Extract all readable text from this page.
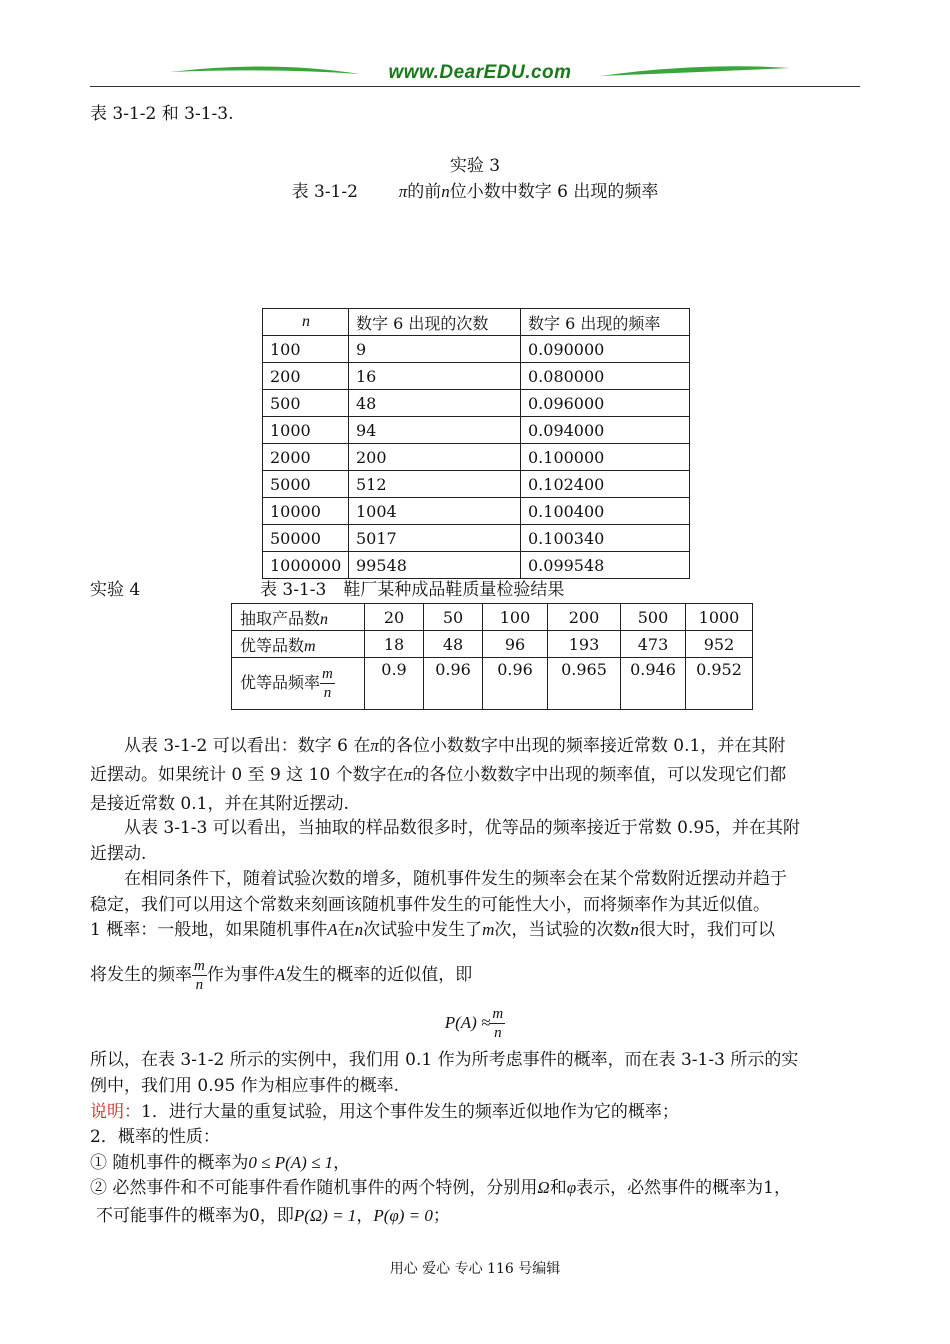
www.DearEDU.com
表 3-1-2 和 3-1-3.
实验 3
表 3-1-2 π的前n位小数中数字 6 出现的频率
n	数字 6 出现的次数	数字 6 出现的频率
100	9	0.090000
200	16	0.080000
500	48	0.096000
1000	94	0.094000
2000	200	0.100000
5000	512	0.102400
10000	1004	0.100400
50000	5017	0.100340
1000000	99548	0.099548
实验 4	表 3-1-3　鞋厂某种成品鞋质量检验结果
抽取产品数n	20	50	100	200	500	1000
优等品数m	18	48	96	193	473	952
优等品频率 $\frac{m}{n}$	0.9	0.96	0.96	0.965	0.946	0.952
从表 3-1-2 可以看出：数字 6 在π的各位小数数字中出现的频率接近常数 0.1，并在其附
近摆动。如果统计 0 至 9 这 10 个数字在π的各位小数数字中出现的频率值，可以发现它们都
是接近常数 0.1，并在其附近摆动.
从表 3-1-3 可以看出，当抽取的样品数很多时，优等品的频率接近于常数 0.95，并在其附
近摆动.
在相同条件下，随着试验次数的增多，随机事件发生的频率会在某个常数附近摆动并趋于
稳定，我们可以用这个常数来刻画该随机事件发生的可能性大小，而将频率作为其近似值。
1 概率：一般地，如果随机事件A在n次试验中发生了m次，当试验的次数n很大时，我们可以
将发生的频率 $\frac{m}{n}$ 作为事件A发生的概率的近似值，即
$P(A) \approx \frac{m}{n}$
所以，在表 3-1-2 所示的实例中，我们用 0.1 作为所考虑事件的概率，而在表 3-1-3 所示的实
例中，我们用 0.95 作为相应事件的概率.
说明：1．进行大量的重复试验，用这个事件发生的频率近似地作为它的概率；
2．概率的性质：
① 随机事件的概率为0 ≤ P(A) ≤ 1，
② 必然事件和不可能事件看作随机事件的两个特例，分别用Ω和φ表示，必然事件的概率为1，
不可能事件的概率为0，即P(Ω) = 1，P(φ) = 0；
用心 爱心 专心 116 号编辑
